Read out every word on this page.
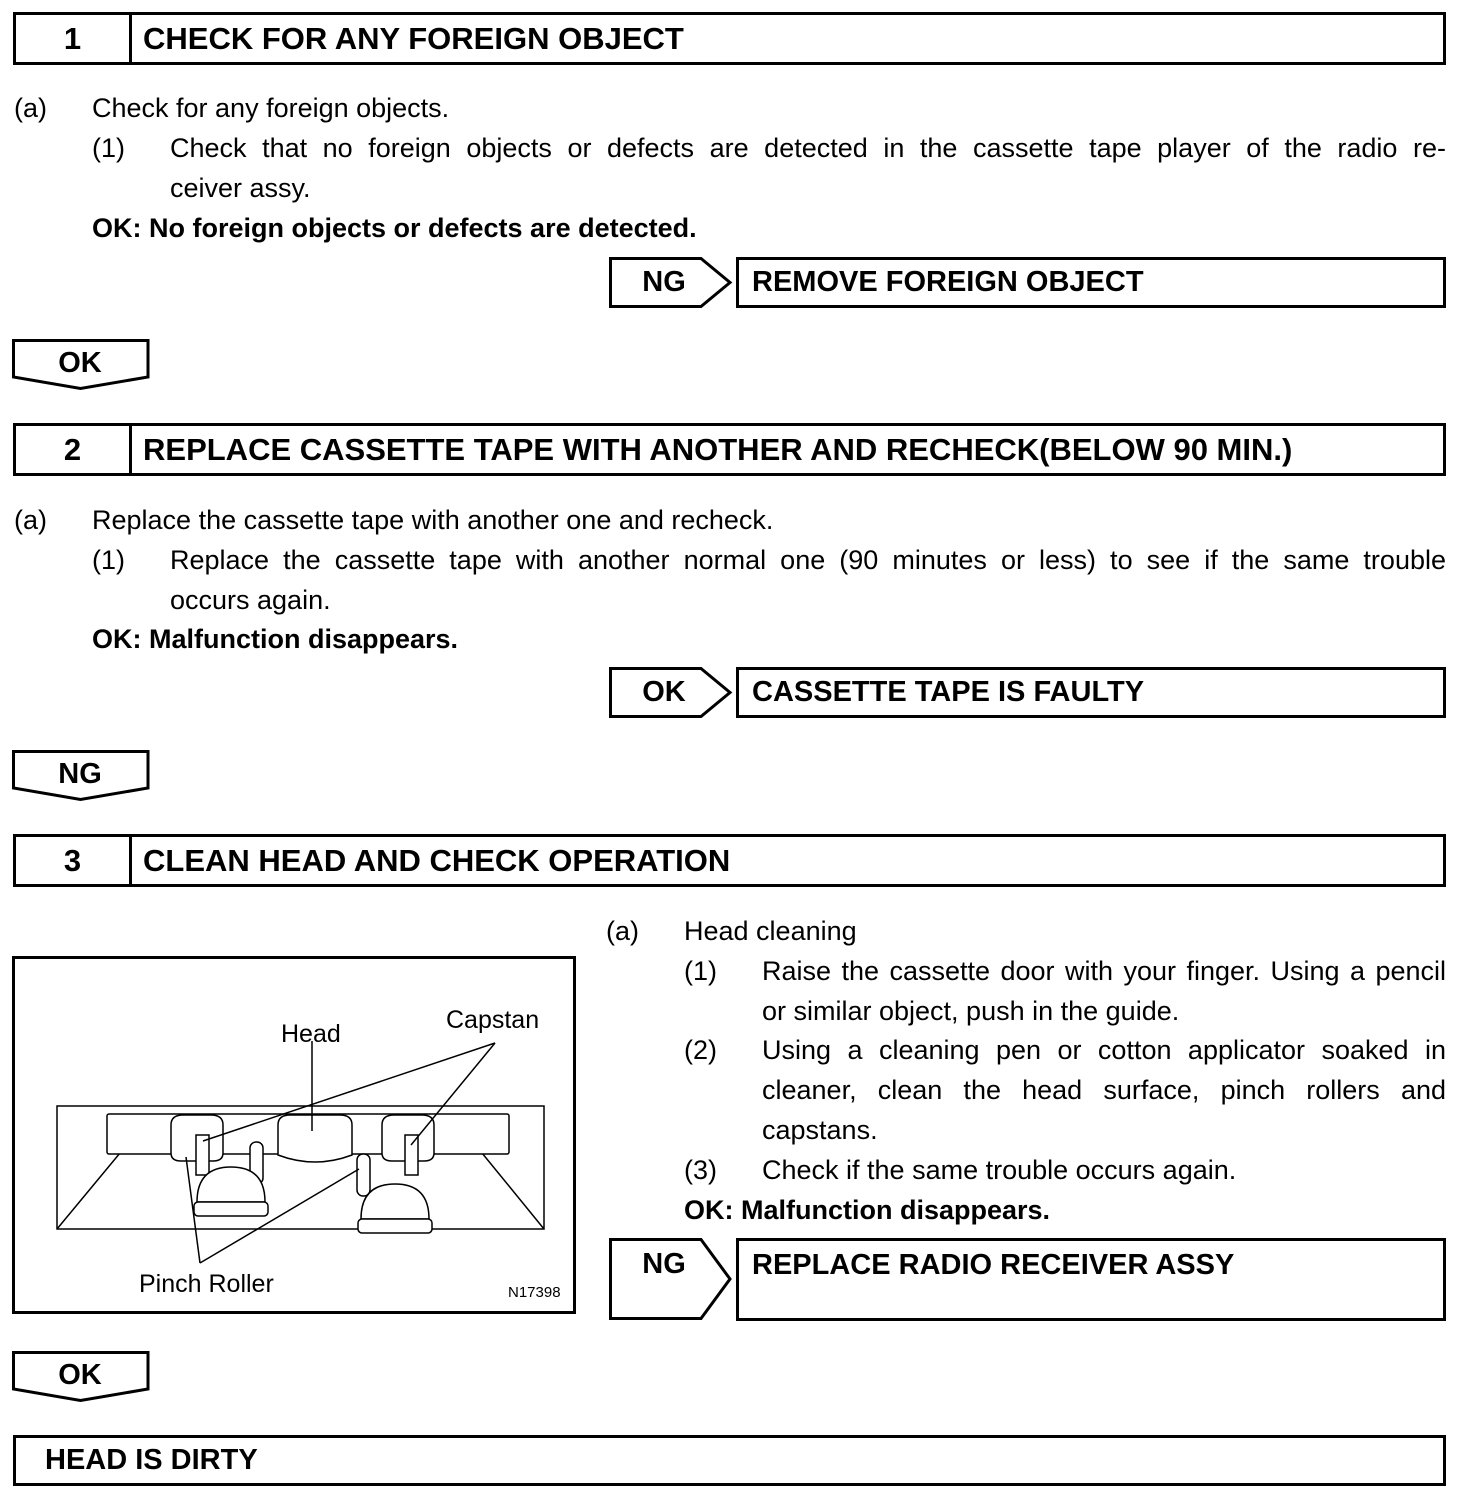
1	CHECK FOR ANY FOREIGN OBJECT
(a) Check for any foreign objects.
(1) Check that no foreign objects or defects are detected in the cassette tape player of the radio re-
ceiver assy.
OK: No foreign objects or defects are detected.
NG	REMOVE FOREIGN OBJECT
OK
2	REPLACE CASSETTE TAPE WITH ANOTHER AND RECHECK(BELOW 90 MIN.)
(a) Replace the cassette tape with another one and recheck.
(1) Replace the cassette tape with another normal one (90 minutes or less) to see if the same trouble
occurs again.
OK: Malfunction disappears.
OK	CASSETTE TAPE IS FAULTY
NG
3	CLEAN HEAD AND CHECK OPERATION
Head	Capstan
Pinch Roller	N17398
(a) Head cleaning
(1) Raise the cassette door with your finger. Using a pencil or similar object, push in the guide.
(2) Using a cleaning pen or cotton applicator soaked in cleaner, clean the head surface, pinch rollers and capstans.
(3) Check if the same trouble occurs again.
OK: Malfunction disappears.
NG	REPLACE RADIO RECEIVER ASSY
OK
HEAD IS DIRTY
